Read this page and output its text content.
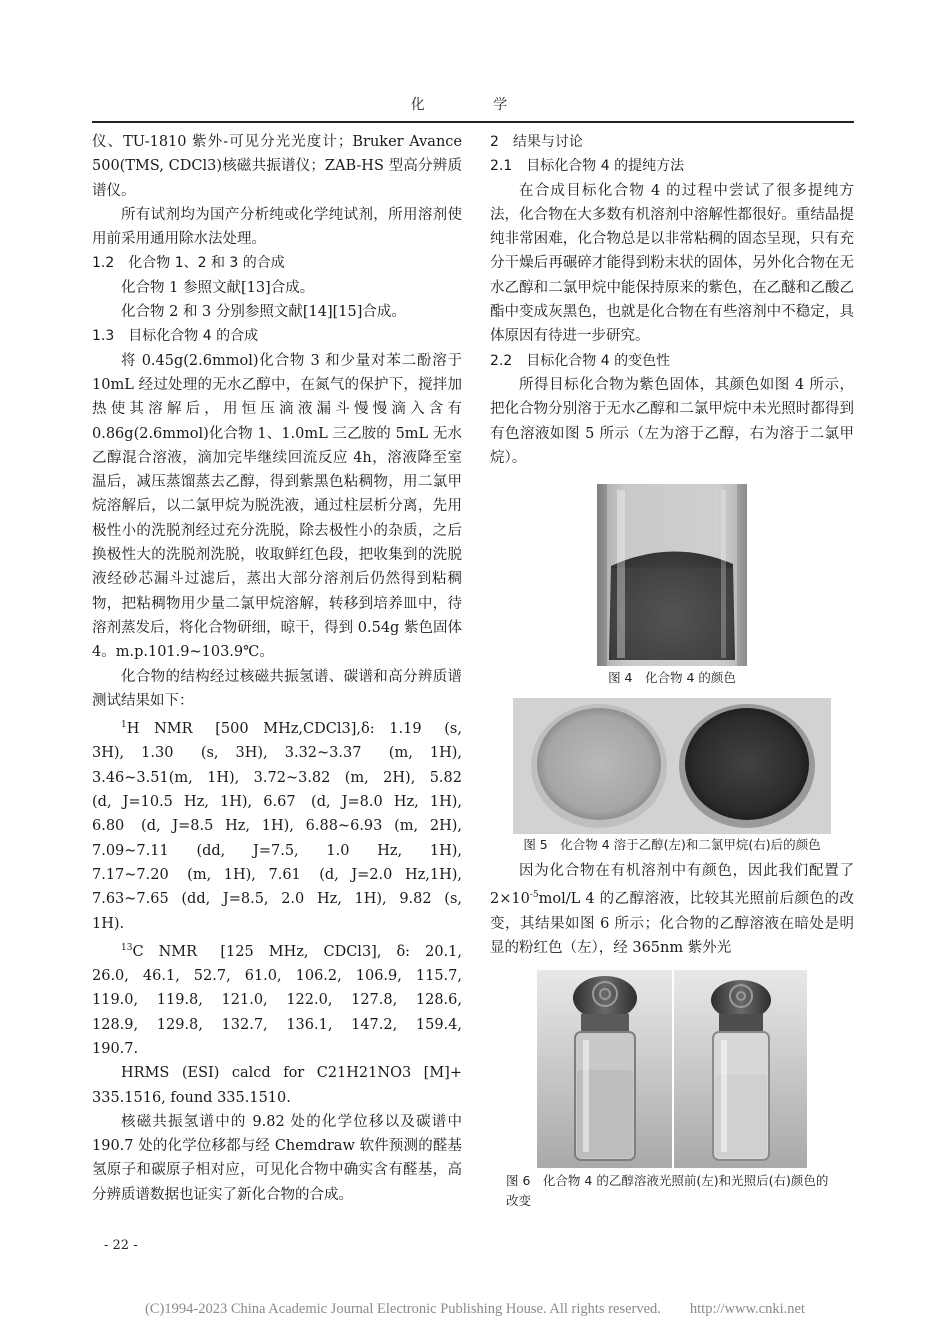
化 学

仪、TU-1810 紫外-可见分光光度计；Bruker Avance 500(TMS, CDCl3)核磁共振谱仪；ZAB-HS 型高分辨质谱仪。

所有试剂均为国产分析纯或化学纯试剂，所用溶剂使用前采用通用除水法处理。

1.2　化合物 1、2 和 3 的合成

化合物 1 参照文献[13]合成。

化合物 2 和 3 分别参照文献[14][15]合成。

1.3　目标化合物 4 的合成

将 0.45g(2.6mmol)化合物 3 和少量对苯二酚溶于 10mL 经过处理的无水乙醇中，在氮气的保护下，搅拌加热使其溶解后，用恒压滴液漏斗慢慢滴入含有 0.86g(2.6mmol)化合物 1、1.0mL 三乙胺的 5mL 无水乙醇混合溶液，滴加完毕继续回流反应 4h，溶液降至室温后，减压蒸馏蒸去乙醇，得到紫黑色粘稠物，用二氯甲烷溶解后，以二氯甲烷为脱洗液，通过柱层析分离，先用极性小的洗脱剂经过充分洗脱，除去极性小的杂质，之后换极性大的洗脱剂洗脱，收取鲜红色段，把收集到的洗脱液经砂芯漏斗过滤后，蒸出大部分溶剂后仍然得到粘稠物，把粘稠物用少量二氯甲烷溶解，转移到培养皿中，待溶剂蒸发后，将化合物研细，晾干，得到 0.54g 紫色固体 4。m.p.101.9~103.9℃。

化合物的结构经过核磁共振氢谱、碳谱和高分辨质谱测试结果如下：

$^1$H NMR　[500 MHz,CDCl3],δ: 1.19　(s, 3H), 1.30　(s, 3H), 3.32~3.37　(m, 1H), 3.46~3.51(m, 1H), 3.72~3.82 (m, 2H), 5.82 (d, J=10.5 Hz, 1H), 6.67　(d, J=8.0 Hz, 1H), 6.80　(d, J=8.5 Hz, 1H), 6.88~6.93 (m, 2H), 7.09~7.11 (dd, J=7.5, 1.0 Hz, 1H), 7.17~7.20　(m, 1H), 7.61　(d, J=2.0 Hz,1H), 7.63~7.65 (dd, J=8.5, 2.0 Hz, 1H), 9.82 (s, 1H).

$^{13}$C NMR　[125 MHz, CDCl3], δ: 20.1, 26.0, 46.1, 52.7, 61.0, 106.2, 106.9, 115.7, 119.0, 119.8, 121.0, 122.0, 127.8, 128.6, 128.9, 129.8, 132.7, 136.1, 147.2, 159.4, 190.7.

HRMS (ESI) calcd for C21H21NO3 [M]+ 335.1516, found 335.1510.

核磁共振氢谱中的 9.82 处的化学位移以及碳谱中 190.7 处的化学位移都与经 Chemdraw 软件预测的醛基氢原子和碳原子相对应，可见化合物中确实含有醛基，高分辨质谱数据也证实了新化合物的合成。

2　结果与讨论

2.1　目标化合物 4 的提纯方法

在合成目标化合物 4 的过程中尝试了很多提纯方法，化合物在大多数有机溶剂中溶解性都很好。重结晶提纯非常困难，化合物总是以非常粘稠的固态呈现，只有充分干燥后再碾碎才能得到粉末状的固体，另外化合物在无水乙醇和二氯甲烷中能保持原来的紫色，在乙醚和乙酸乙酯中变成灰黑色，也就是化合物在有些溶剂中不稳定，具体原因有待进一步研究。

2.2　目标化合物 4 的变色性

所得目标化合物为紫色固体，其颜色如图 4 所示，把化合物分别溶于无水乙醇和二氯甲烷中未光照时都得到有色溶液如图 5 所示（左为溶于乙醇，右为溶于二氯甲烷）。

图 4　化合物 4 的颜色
图 5　化合物 4 溶于乙醇(左)和二氯甲烷(右)后的颜色

因为化合物在有机溶剂中有颜色，因此我们配置了 $2\times 10^{-5}mol/L$ 4 的乙醇溶液，比较其光照前后颜色的改变，其结果如图 6 所示；化合物的乙醇溶液在暗处是明显的粉红色（左），经 365nm 紫外光

图 6　化合物 4 的乙醇溶液光照前(左)和光照后(右)颜色的改变
- 22 -
(C)1994-2023 China Academic Journal Electronic Publishing House. All rights reserved.　　http://www.cnki.net
